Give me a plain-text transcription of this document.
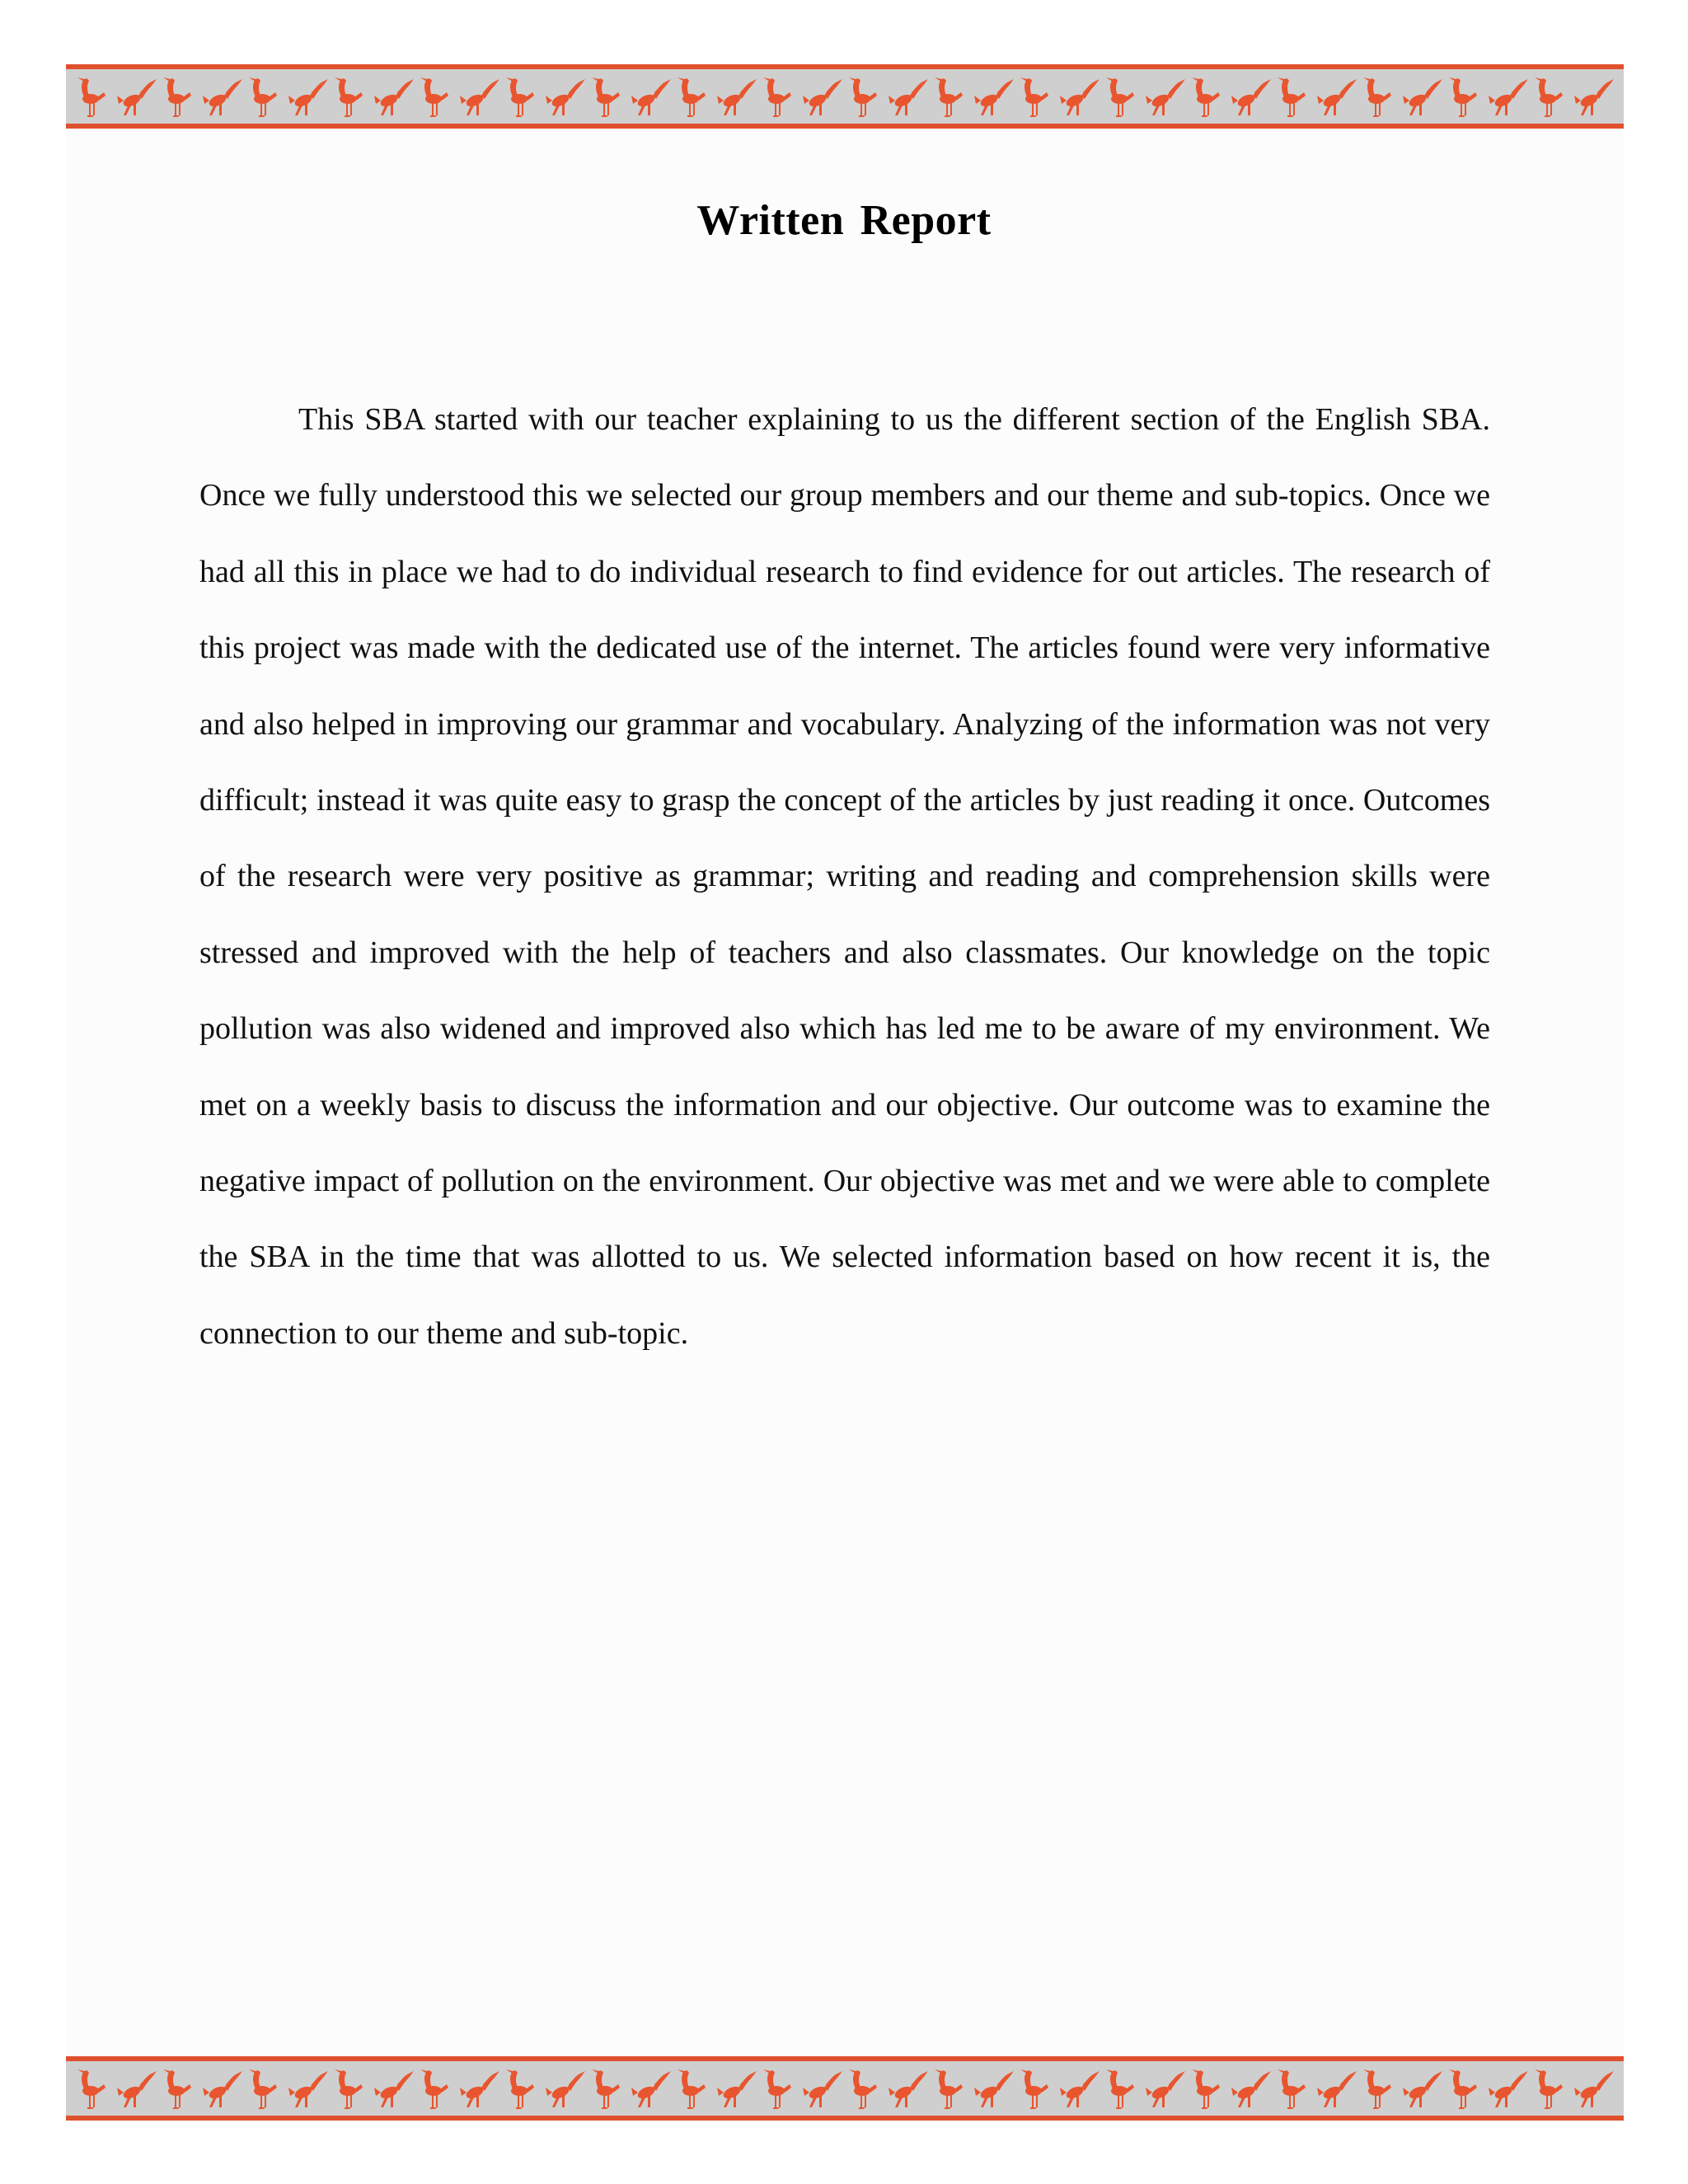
Written Report

This SBA started with our teacher explaining to us the different section of the English SBA. Once we fully understood this we selected our group members and our theme and sub-topics. Once we had all this in place we had to do individual research to find evidence for out articles. The research of this project was made with the dedicated use of the internet. The articles found were very informative and also helped in improving our grammar and vocabulary. Analyzing of the information was not very difficult; instead it was quite easy to grasp the concept of the articles by just reading it once. Outcomes of the research were very positive as grammar; writing and reading and comprehension skills were stressed and improved with the help of teachers and also classmates. Our knowledge on the topic pollution was also widened and improved also which has led me to be aware of my environment. We met on a weekly basis to discuss the information and our objective. Our outcome was to examine the negative impact of pollution on the environment. Our objective was met and we were able to complete the SBA in the time that was allotted to us. We selected information based on how recent it is, the connection to our theme and sub-topic.
